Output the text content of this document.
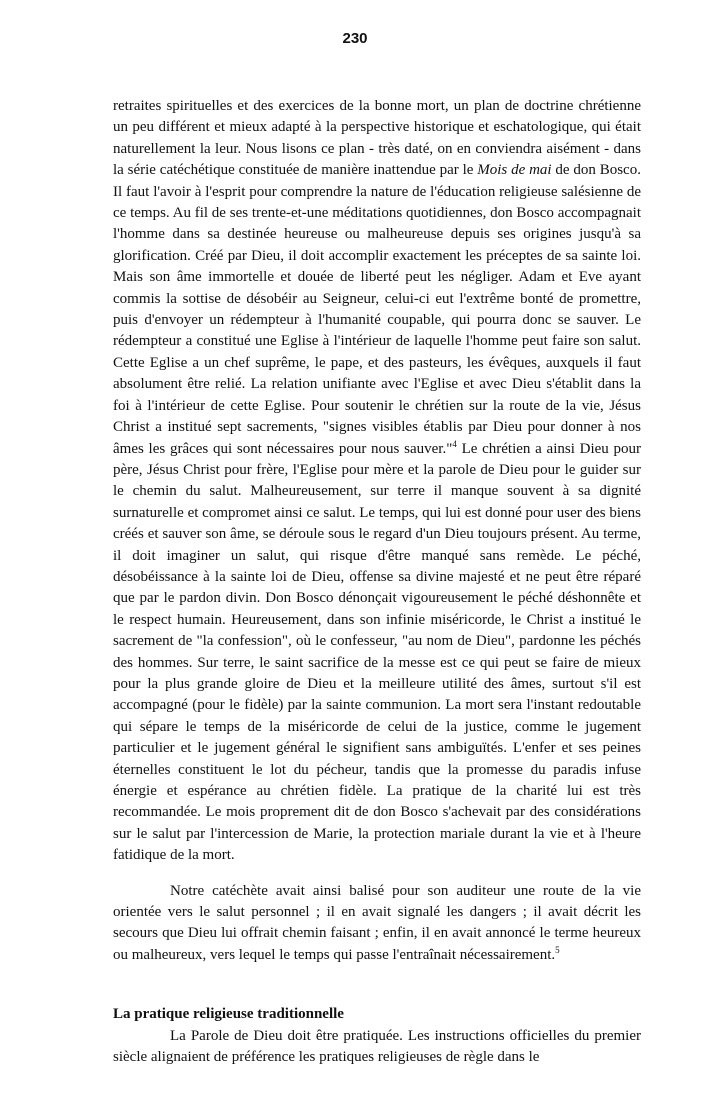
230

retraites spirituelles et des exercices de la bonne mort, un plan de doctrine chrétienne un peu différent et mieux adapté à la perspective historique et eschatologique, qui était naturellement la leur. Nous lisons ce plan - très daté, on en conviendra aisément - dans la série catéchétique constituée de manière inattendue par le Mois de mai de don Bosco. Il faut l'avoir à l'esprit pour comprendre la nature de l'éducation religieuse salésienne de ce temps. Au fil de ses trente-et-une méditations quotidiennes, don Bosco accompagnait l'homme dans sa destinée heureuse ou malheureuse depuis ses origines jusqu'à sa glorification. Créé par Dieu, il doit accomplir exactement les préceptes de sa sainte loi. Mais son âme immortelle et douée de liberté peut les négliger. Adam et Eve ayant commis la sottise de désobéir au Seigneur, celui-ci eut l'extrême bonté de promettre, puis d'envoyer un rédempteur à l'humanité coupable, qui pourra donc se sauver. Le rédempteur a constitué une Eglise à l'intérieur de laquelle l'homme peut faire son salut. Cette Eglise a un chef suprême, le pape, et des pasteurs, les évêques, auxquels il faut absolument être relié. La relation unifiante avec l'Eglise et avec Dieu s'établit dans la foi à l'intérieur de cette Eglise. Pour soutenir le chrétien sur la route de la vie, Jésus Christ a institué sept sacrements, "signes visibles établis par Dieu pour donner à nos âmes les grâces qui sont nécessaires pour nous sauver."$^4$ Le chrétien a ainsi Dieu pour père, Jésus Christ pour frère, l'Eglise pour mère et la parole de Dieu pour le guider sur le chemin du salut. Malheureusement, sur terre il manque souvent à sa dignité surnaturelle et compromet ainsi ce salut. Le temps, qui lui est donné pour user des biens créés et sauver son âme, se déroule sous le regard d'un Dieu toujours présent. Au terme, il doit imaginer un salut, qui risque d'être manqué sans remède. Le péché, désobéissance à la sainte loi de Dieu, offense sa divine majesté et ne peut être réparé que par le pardon divin. Don Bosco dénonçait vigoureusement le péché déshonnête et le respect humain. Heureusement, dans son infinie miséricorde, le Christ a institué le sacrement de "la confession", où le confesseur, "au nom de Dieu", pardonne les péchés des hommes. Sur terre, le saint sacrifice de la messe est ce qui peut se faire de mieux pour la plus grande gloire de Dieu et la meilleure utilité des âmes, surtout s'il est accompagné (pour le fidèle) par la sainte communion. La mort sera l'instant redoutable qui sépare le temps de la miséricorde de celui de la justice, comme le jugement particulier et le jugement général le signifient sans ambiguïtés. L'enfer et ses peines éternelles constituent le lot du pécheur, tandis que la promesse du paradis infuse énergie et espérance au chrétien fidèle. La pratique de la charité lui est très recommandée. Le mois proprement dit de don Bosco s'achevait par des considérations sur le salut par l'intercession de Marie, la protection mariale durant la vie et à l'heure fatidique de la mort.

Notre catéchète avait ainsi balisé pour son auditeur une route de la vie orientée vers le salut personnel ; il en avait signalé les dangers ; il avait décrit les secours que Dieu lui offrait chemin faisant ; enfin, il en avait annoncé le terme heureux ou malheureux, vers lequel le temps qui passe l'entraînait nécessairement.$^5$

La pratique religieuse traditionnelle

La Parole de Dieu doit être pratiquée. Les instructions officielles du premier siècle alignaient de préférence les pratiques religieuses de règle dans le
